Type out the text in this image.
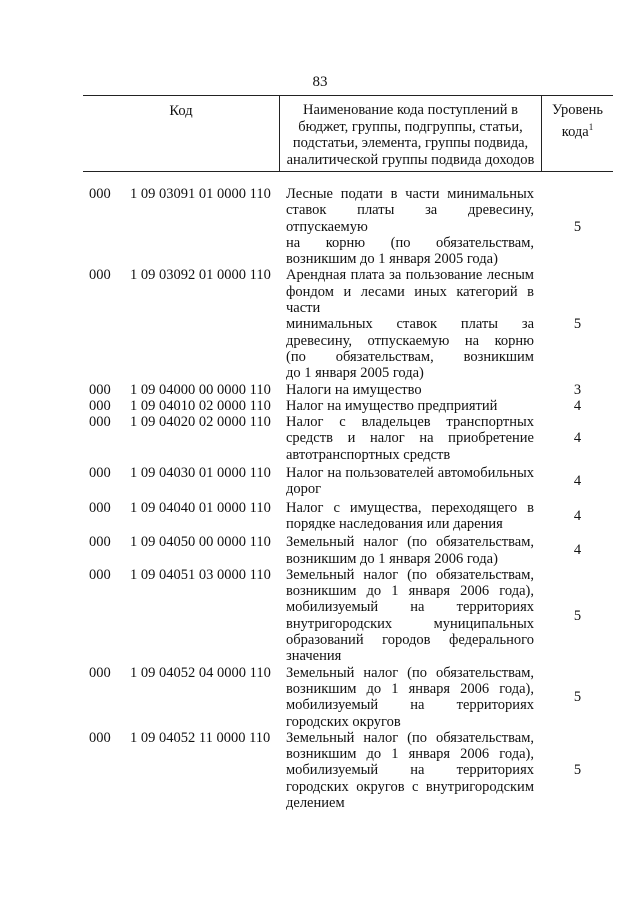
83
Код	Наименование кода поступлений в
бюджет, группы, подгруппы, статьи,
подстатьи, элемента, группы подвида,
аналитической группы подвида доходов
Уровень
кода$^1$
000	1 09 03091 01 0000 110	Лесные подати в части минимальных
ставок платы за древесину, отпускаемую
на корню (по обязательствам,
возникшим до 1 января 2005 года)
5
000	1 09 03092 01 0000 110	Арендная плата за пользование лесным
фондом и лесами иных категорий в части
минимальных ставок платы за
древесину, отпускаемую на корню
(по обязательствам, возникшим
до 1 января 2005 года)
5
000	1 09 04000 00 0000 110	Налоги на имущество	3
000	1 09 04010 02 0000 110	Налог на имущество предприятий	4
000	1 09 04020 02 0000 110	Налог с владельцев транспортных
средств и налог на приобретение
автотранспортных средств
4
000	1 09 04030 01 0000 110	Налог на пользователей автомобильных
дорог
4
000	1 09 04040 01 0000 110	Налог с имущества, переходящего в
порядке наследования или дарения
4
000	1 09 04050 00 0000 110	Земельный налог (по обязательствам,
возникшим до 1 января 2006 года)
4
000	1 09 04051 03 0000 110	Земельный налог (по обязательствам,
возникшим до 1 января 2006 года),
мобилизуемый на территориях
внутригородских муниципальных
образований городов федерального
значения
5
000	1 09 04052 04 0000 110	Земельный налог (по обязательствам,
возникшим до 1 января 2006 года),
мобилизуемый на территориях
городских округов
5
000	1 09 04052 11 0000 110	Земельный налог (по обязательствам,
возникшим до 1 января 2006 года),
мобилизуемый на территориях
городских округов с внутригородским
делением
5
